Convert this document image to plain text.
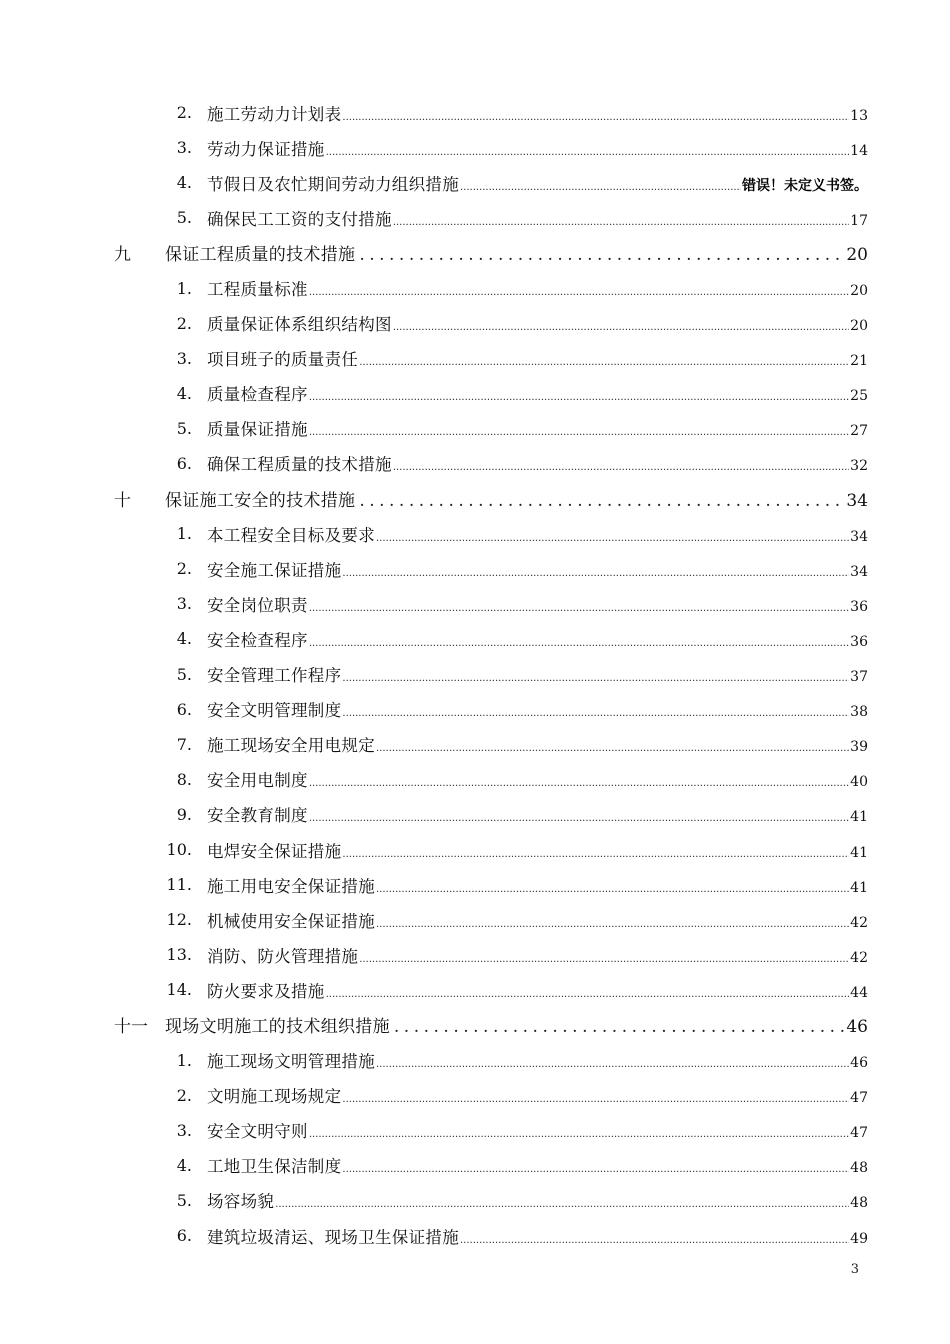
2. 施工劳动力计划表 .....	13
3. 劳动力保证措施 .....	14
4. 节假日及农忙期间劳动力组织措施 .....	错误！未定义书签。
5. 确保民工工资的支付措施 .....	17
九	保证工程质量的技术措施 .....	20
1. 工程质量标准 .....	20
2. 质量保证体系组织结构图 .....	20
3. 项目班子的质量责任 .....	21
4. 质量检查程序 .....	25
5. 质量保证措施 .....	27
6. 确保工程质量的技术措施 .....	32
十	保证施工安全的技术措施 .....	34
1. 本工程安全目标及要求 .....	34
2. 安全施工保证措施 .....	34
3. 安全岗位职责 .....	36
4. 安全检查程序 .....	36
5. 安全管理工作程序 .....	37
6. 安全文明管理制度 .....	38
7. 施工现场安全用电规定 .....	39
8. 安全用电制度 .....	40
9. 安全教育制度 .....	41
10. 电焊安全保证措施 .....	41
11. 施工用电安全保证措施 .....	41
12. 机械使用安全保证措施 .....	42
13. 消防、防火管理措施 .....	42
14. 防火要求及措施 .....	44
十一	现场文明施工的技术组织措施 .....	46
1. 施工现场文明管理措施 .....	46
2. 文明施工现场规定 .....	47
3. 安全文明守则 .....	47
4. 工地卫生保洁制度 .....	48
5. 场容场貌 .....	48
6. 建筑垃圾清运、现场卫生保证措施 .....	49
3
